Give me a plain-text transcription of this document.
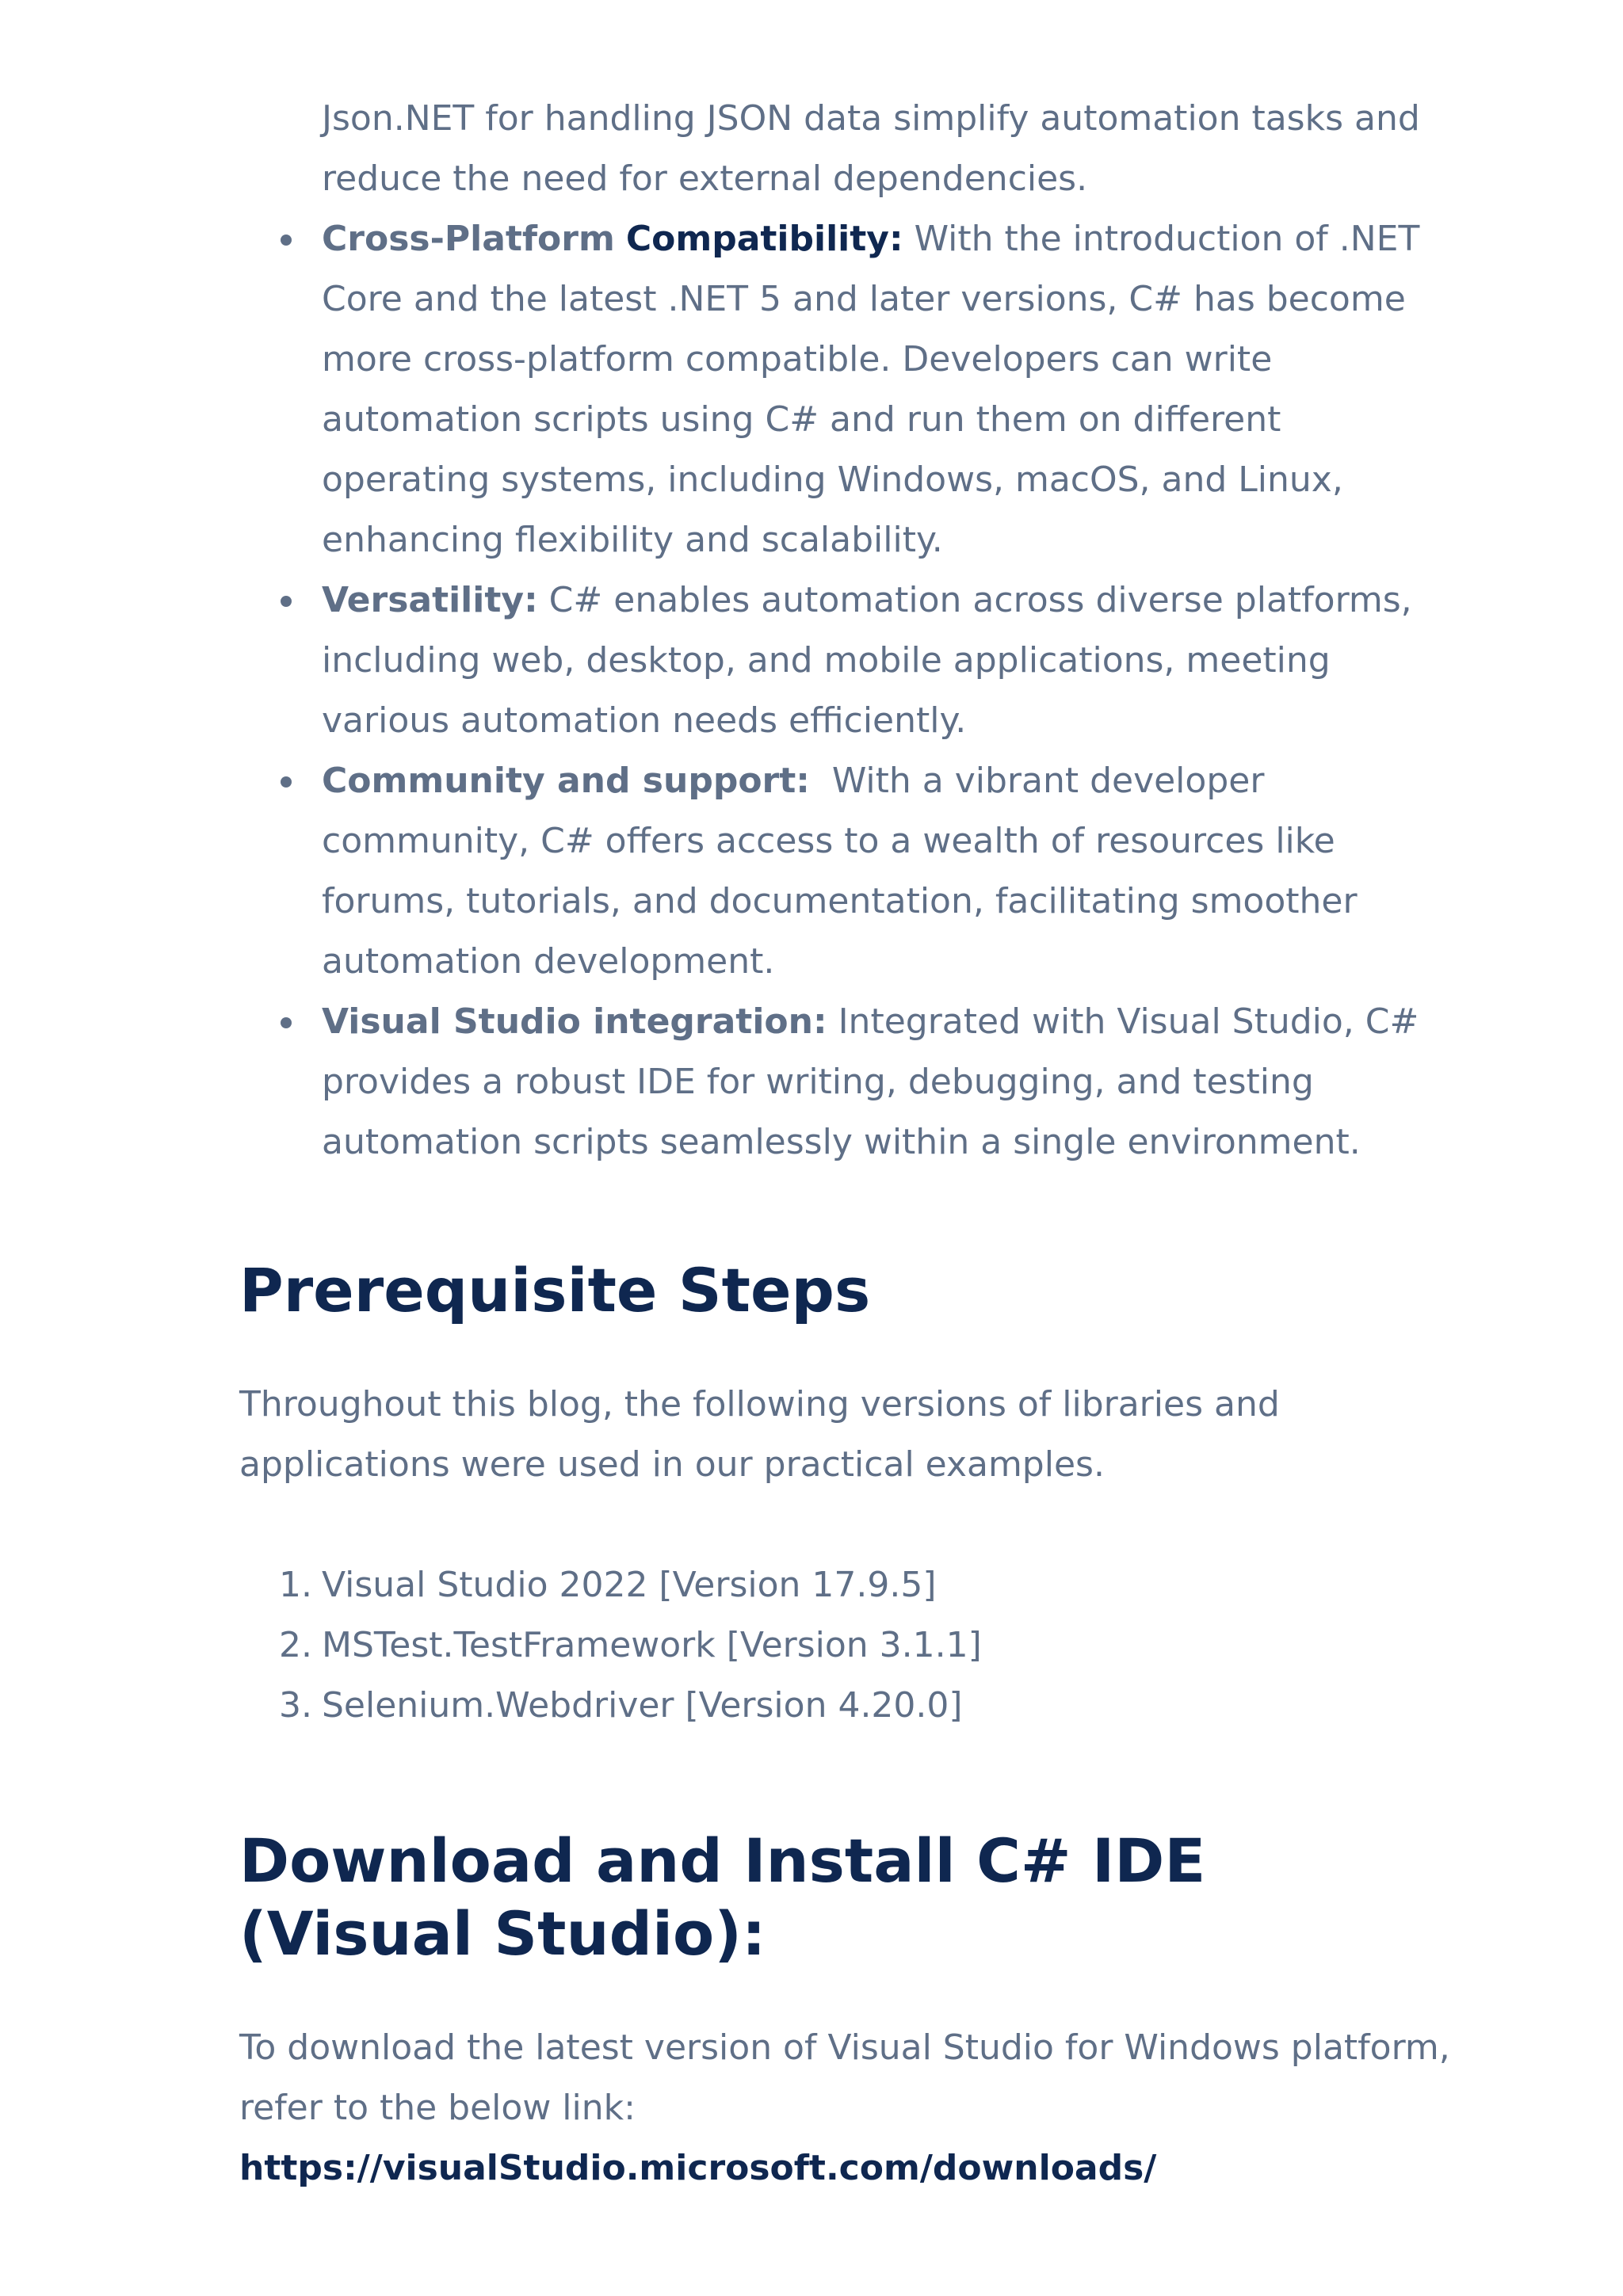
Json.NET for handling JSON data simplify automation tasks and reduce the need for external dependencies.

Cross-Platform Compatibility: With the introduction of .NET Core and the latest .NET 5 and later versions, C# has become more cross-platform compatible. Developers can write automation scripts using C# and run them on different operating systems, including Windows, macOS, and Linux, enhancing flexibility and scalability.
Versatility: C# enables automation across diverse platforms, including web, desktop, and mobile applications, meeting various automation needs efficiently.
Community and support: With a vibrant developer community, C# offers access to a wealth of resources like forums, tutorials, and documentation, facilitating smoother automation development.
Visual Studio integration: Integrated with Visual Studio, C# provides a robust IDE for writing, debugging, and testing automation scripts seamlessly within a single environment.
Prerequisite Steps

Throughout this blog, the following versions of libraries and applications were used in our practical examples.

1. Visual Studio 2022 [Version 17.9.5]
2. MSTest.TestFramework [Version 3.1.1]
3. Selenium.Webdriver [Version 4.20.0]
Download and Install C# IDE (Visual Studio):

To download the latest version of Visual Studio for Windows platform, refer to the below link:

https://visualStudio.microsoft.com/downloads/
